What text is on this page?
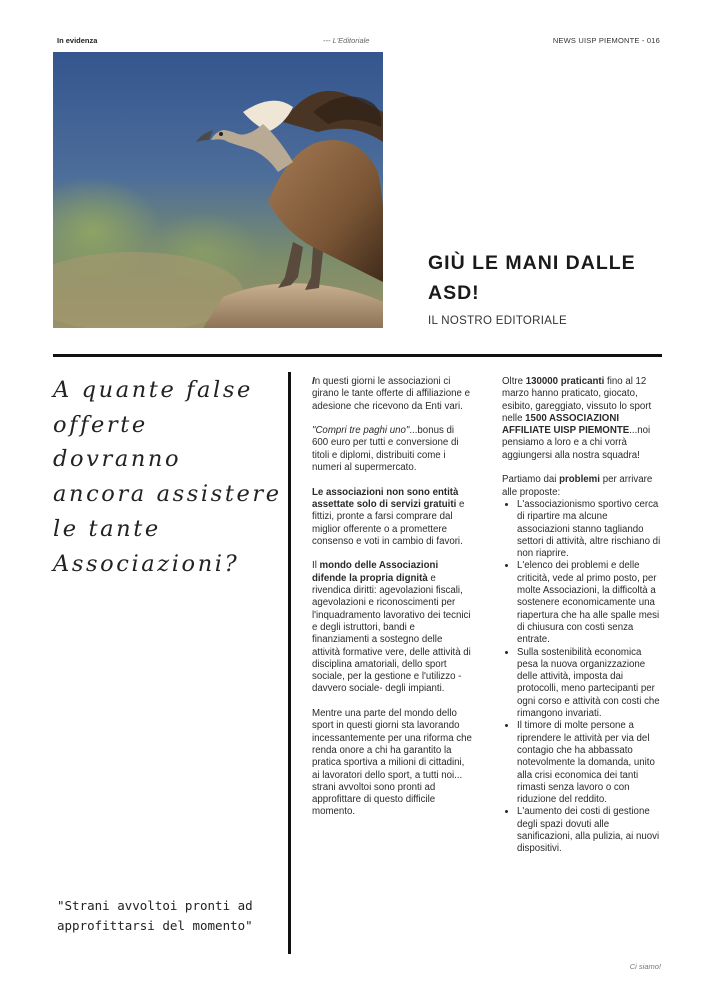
In evidenza	--- L'Editoriale	NEWS UISP PIEMONTE - 016
GIÙ LE MANI DALLE ASD!
IL NOSTRO EDITORIALE
A quante false offerte dovranno ancora assistere le tante Associazioni?
"Strani avvoltoi pronti ad approfittarsi del momento"

In questi giorni le associazioni ci girano le tante offerte di affiliazione e adesione che ricevono da Enti vari.

"Compri tre paghi uno"...bonus di 600 euro per tutti e conversione di titoli e diplomi, distribuiti come i numeri al supermercato.

Le associazioni non sono entità assettate solo di servizi gratuiti e fittizi, pronte a farsi comprare dal miglior offerente o a promettere consenso e voti in cambio di favori.

Il mondo delle Associazioni difende la propria dignità e rivendica diritti: agevolazioni fiscali, agevolazioni e riconoscimenti per l'inquadramento lavorativo dei tecnici e degli istruttori, bandi e finanziamenti a sostegno delle attività formative vere, delle attività di disciplina amatoriali, dello sport sociale, per la gestione e l'utilizzo -davvero sociale- degli impianti.

Mentre una parte del mondo dello sport in questi giorni sta lavorando incessantemente per una riforma che renda onore a chi ha garantito la pratica sportiva a milioni di cittadini, ai lavoratori dello sport, a tutti noi... strani avvoltoi sono pronti ad approfittare di questo difficile momento.

Oltre 130000 praticanti fino al 12 marzo hanno praticato, giocato, esibito, gareggiato, vissuto lo sport nelle 1500 ASSOCIAZIONI AFFILIATE UISP PIEMONTE...noi pensiamo a loro e a chi vorrà aggiungersi alla nostra squadra!

Partiamo dai problemi per arrivare alle proposte:

• L'associazionismo sportivo cerca di ripartire ma alcune associazioni stanno tagliando settori di attività, altre rischiano di non riaprire.
• L'elenco dei problemi e delle criticità, vede al primo posto, per molte Associazioni, la difficoltà a sostenere economicamente una riapertura che ha alle spalle mesi di chiusura con costi senza entrate.
• Sulla sostenibilità economica pesa la nuova organizzazione delle attività, imposta dai protocolli, meno partecipanti per ogni corso e attività con costi che rimangono invariati.
• Il timore di molte persone a riprendere le attività per via del contagio che ha abbassato notevolmente la domanda, unito alla crisi economica dei tanti rimasti senza lavoro o con riduzione del reddito.
• L'aumento dei costi di gestione degli spazi dovuti alle sanificazioni, alla pulizia, ai nuovi dispositivi.
Ci siamo!
